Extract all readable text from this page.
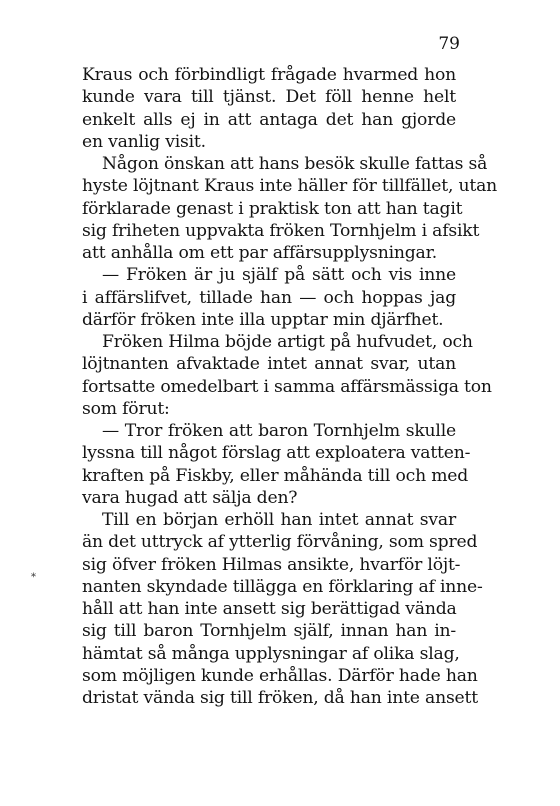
79
*
Kraus och förbindligt frågade hvarmed hon
kunde vara till tjänst. Det föll henne helt
enkelt alls ej in att antaga det han gjorde
en vanlig visit.
Någon önskan att hans besök skulle fattas så
hyste löjtnant Kraus inte häller för tillfället, utan
förklarade genast i praktisk ton att han tagit
sig friheten uppvakta fröken Tornhjelm i afsikt
att anhålla om ett par affärsupplysningar.
— Fröken är ju själf på sätt och vis inne
i affärslifvet, tillade han — och hoppas jag
därför fröken inte illa upptar min djärfhet.
Fröken Hilma böjde artigt på hufvudet, och
löjtnanten afvaktade intet annat svar, utan
fortsatte omedelbart i samma affärsmässiga ton
som förut:
— Tror fröken att baron Tornhjelm skulle
lyssna till något förslag att exploatera vatten-
kraften på Fiskby, eller måhända till och med
vara hugad att sälja den?
Till en början erhöll han intet annat svar
än det uttryck af ytterlig förvåning, som spred
sig öfver fröken Hilmas ansikte, hvarför löjt-
nanten skyndade tillägga en förklaring af inne-
håll att han inte ansett sig berättigad vända
sig till baron Tornhjelm själf, innan han in-
hämtat så många upplysningar af olika slag,
som möjligen kunde erhållas. Därför hade han
dristat vända sig till fröken, då han inte ansett
